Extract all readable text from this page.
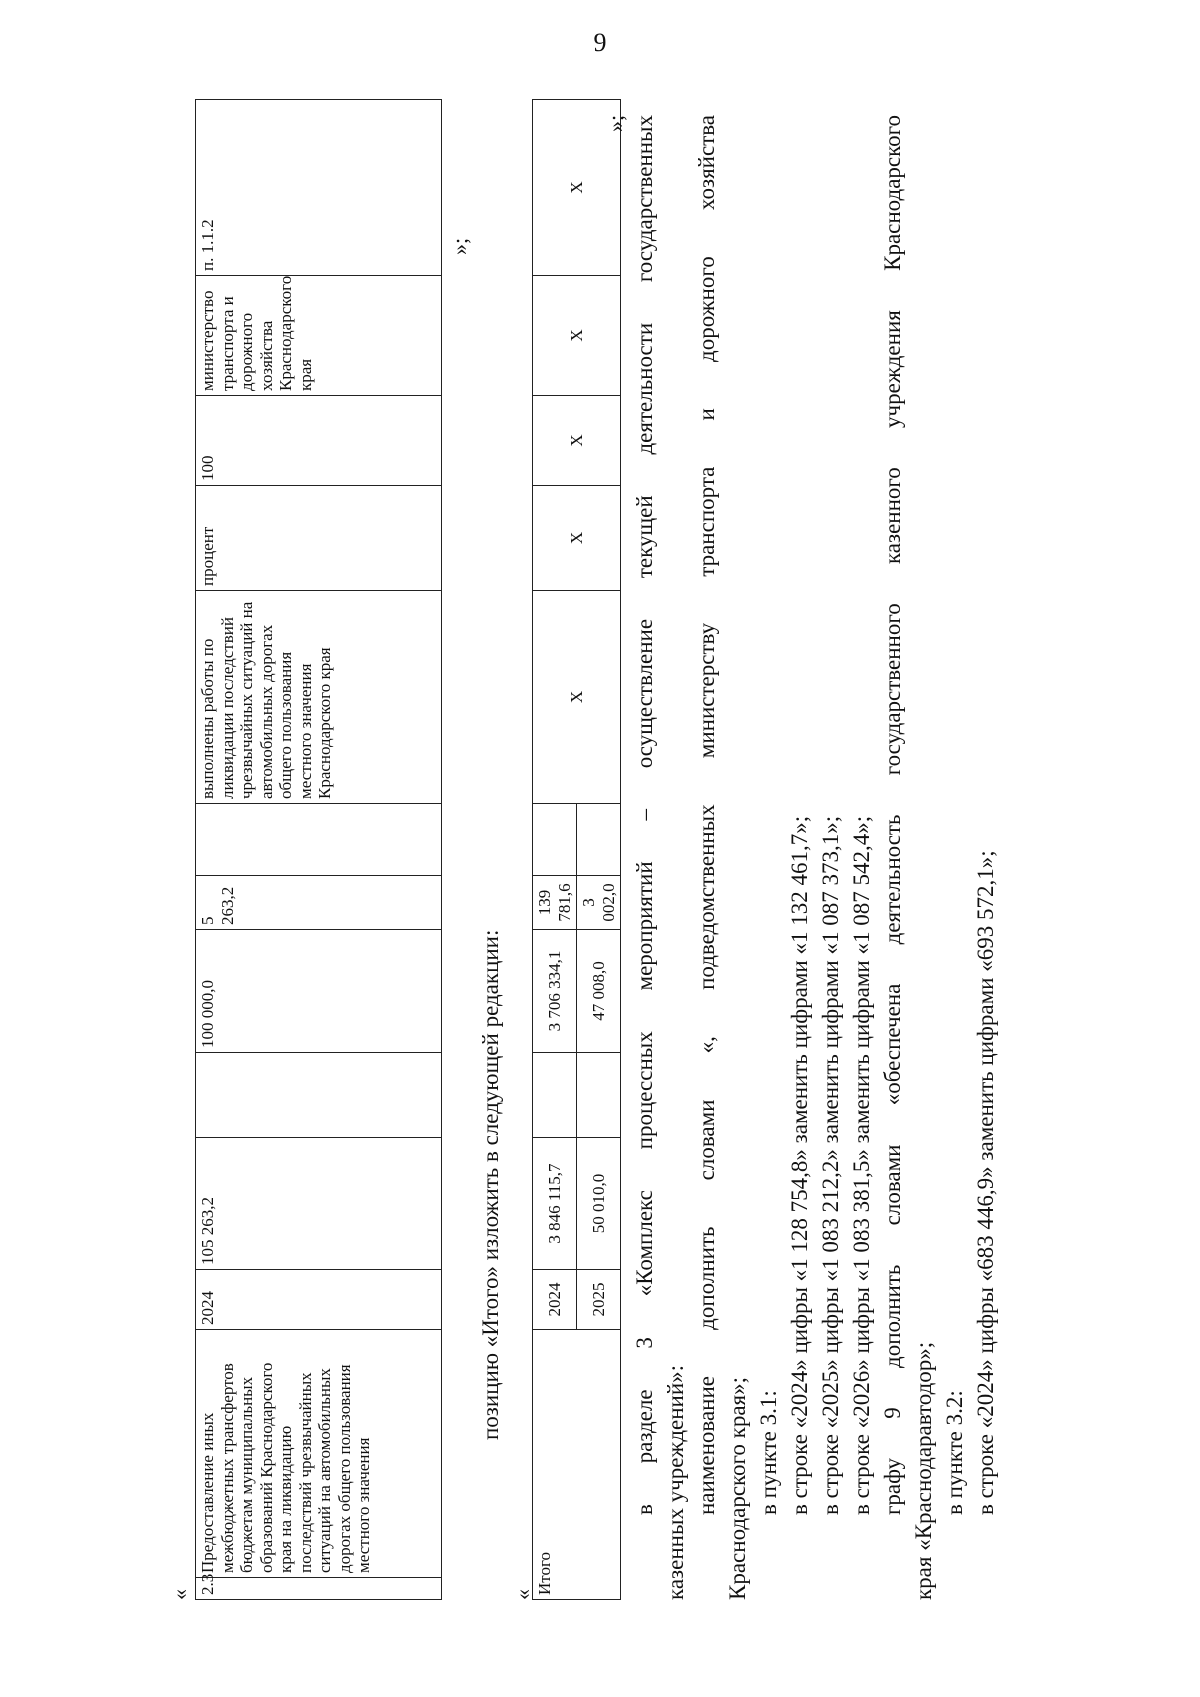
9
« 2.3	Предоставление иных межбюджетных трансфертов бюджетам муниципальных образований Краснодарского края на ликвидацию последствий чрезвычайных ситуаций на автомобильных дорогах общего пользования местного значения	2024	105 263,2		100 000,0	5 263,2		выполнены работы по ликвидации последствий чрезвычайных ситуаций на автомобильных дорогах общего пользования местного значения Краснодарского края	процент	100	министерство транспорта и дорожного хозяйства Краснодарского края	п. 1.1.2	»;
позицию «Итого» изложить в следующей редакции:
« Итого	2024	3 846 115,7		3 706 334,1	139 781,6		X	X	X	X	X
	2025	50 010,0		47 008,0	3 002,0						
»; в разделе 3 «Комплекс процессных мероприятий – осуществление текущей деятельности государственных казенных учреждений»: наименование дополнить словами «, подведомственных министерству транспорта и дорожного хозяйства Краснодарского края»; в пункте 3.1: в строке «2024» цифры «1 128 754,8» заменить цифрами «1 132 461,7»; в строке «2025» цифры «1 083 212,2» заменить цифрами «1 087 373,1»; в строке «2026» цифры «1 083 381,5» заменить цифрами «1 087 542,4»; графу 9 дополнить словами «обеспечена деятельность государственного казенного учреждения Краснодарского края «Краснодаравтодор»; в пункте 3.2: в строке «2024» цифры «683 446,9» заменить цифрами «693 572,1»;
